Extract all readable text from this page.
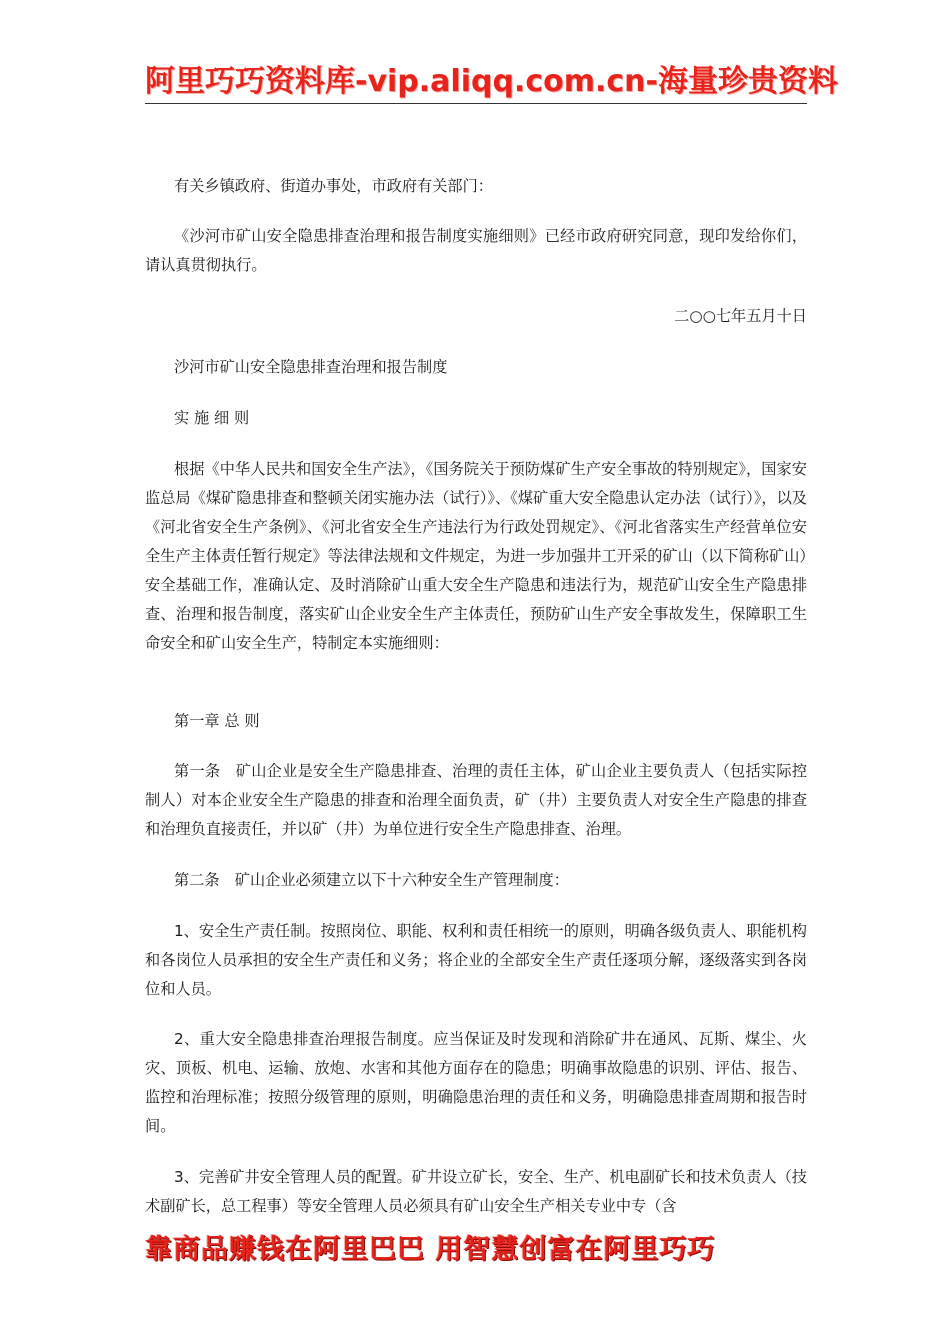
阿里巧巧资料库-vip.aliqq.com.cn-海量珍贵资料

有关乡镇政府、街道办事处，市政府有关部门：

《沙河市矿山安全隐患排查治理和报告制度实施细则》已经市政府研究同意，现印发给你们，请认真贯彻执行。

二○○七年五月十日

沙河市矿山安全隐患排查治理和报告制度

实 施 细 则

根据《中华人民共和国安全生产法》，《国务院关于预防煤矿生产安全事故的特别规定》，国家安监总局《煤矿隐患排查和整顿关闭实施办法（试行）》、《煤矿重大安全隐患认定办法（试行）》，以及《河北省安全生产条例》、《河北省安全生产违法行为行政处罚规定》、《河北省落实生产经营单位安全生产主体责任暂行规定》等法律法规和文件规定，为进一步加强井工开采的矿山（以下简称矿山）安全基础工作，准确认定、及时消除矿山重大安全生产隐患和违法行为，规范矿山安全生产隐患排查、治理和报告制度，落实矿山企业安全生产主体责任，预防矿山生产安全事故发生，保障职工生命安全和矿山安全生产，特制定本实施细则：

第一章 总 则

第一条　矿山企业是安全生产隐患排查、治理的责任主体，矿山企业主要负责人（包括实际控制人）对本企业安全生产隐患的排查和治理全面负责，矿（井）主要负责人对安全生产隐患的排查和治理负直接责任，并以矿（井）为单位进行安全生产隐患排查、治理。

第二条　矿山企业必须建立以下十六种安全生产管理制度：

1、安全生产责任制。按照岗位、职能、权利和责任相统一的原则，明确各级负责人、职能机构和各岗位人员承担的安全生产责任和义务；将企业的全部安全生产责任逐项分解，逐级落实到各岗位和人员。

2、重大安全隐患排查治理报告制度。应当保证及时发现和消除矿井在通风、瓦斯、煤尘、火灾、顶板、机电、运输、放炮、水害和其他方面存在的隐患；明确事故隐患的识别、评估、报告、监控和治理标准；按照分级管理的原则，明确隐患治理的责任和义务，明确隐患排查周期和报告时间。

3、完善矿井安全管理人员的配置。矿井设立矿长，安全、生产、机电副矿长和技术负责人（技术副矿长，总工程事）等安全管理人员必须具有矿山安全生产相关专业中专（含

靠商品赚钱在阿里巴巴 用智慧创富在阿里巧巧
